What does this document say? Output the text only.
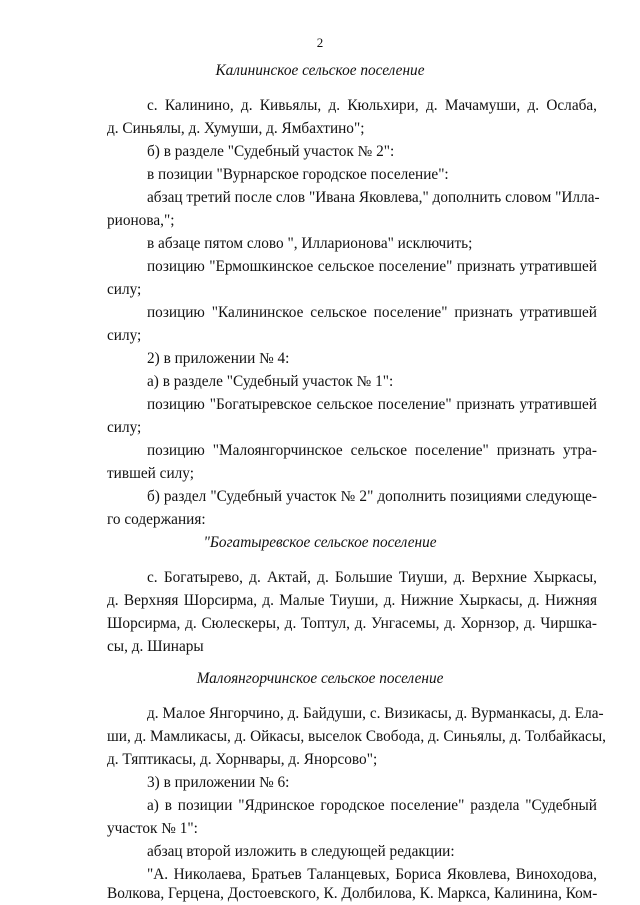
2
Калининское сельское поселение
с. Калинино, д. Кивьялы, д. Кюльхири, д. Мачамуши, д. Ослаба,
д. Синьялы, д. Хумуши, д. Ямбахтино";
б) в разделе "Судебный участок № 2":
в позиции "Вурнарское городское поселение":
абзац третий после слов "Ивана Яковлева," дополнить словом "Илла-
рионова,";
в абзаце пятом слово ", Илларионова" исключить;
позицию "Ермошкинское сельское поселение" признать утратившей
силу;
позицию "Калининское сельское поселение" признать утратившей
силу;
2) в приложении № 4:
а) в разделе "Судебный участок № 1":
позицию "Богатыревское сельское поселение" признать утратившей
силу;
позицию "Малоянгорчинское сельское поселение" признать утра-
тившей силу;
б) раздел "Судебный участок № 2" дополнить позициями следующе-
го содержания:
"Богатыревское сельское поселение
с. Богатырево, д. Актай, д. Большие Тиуши, д. Верхние Хыркасы,
д. Верхняя Шорсирма, д. Малые Тиуши, д. Нижние Хыркасы, д. Нижняя
Шорсирма, д. Сюлескеры, д. Топтул, д. Унгасемы, д. Хорнзор, д. Чиршка-
сы, д. Шинары
Малоянгорчинское сельское поселение
д. Малое Янгорчино, д. Байдуши, с. Визикасы, д. Вурманкасы, д. Ела-
ши, д. Мамликасы, д. Ойкасы, выселок Свобода, д. Синьялы, д. Толбайкасы,
д. Тяптикасы, д. Хорнвары, д. Янорсово";
3) в приложении № 6:
а) в позиции "Ядринское городское поселение" раздела "Судебный
участок № 1":
абзац второй изложить в следующей редакции:
"А. Николаева, Братьев Таланцевых, Бориса Яковлева, Виноходова,
Волкова, Герцена, Достоевского, К. Долбилова, К. Маркса, Калинина, Ком-
